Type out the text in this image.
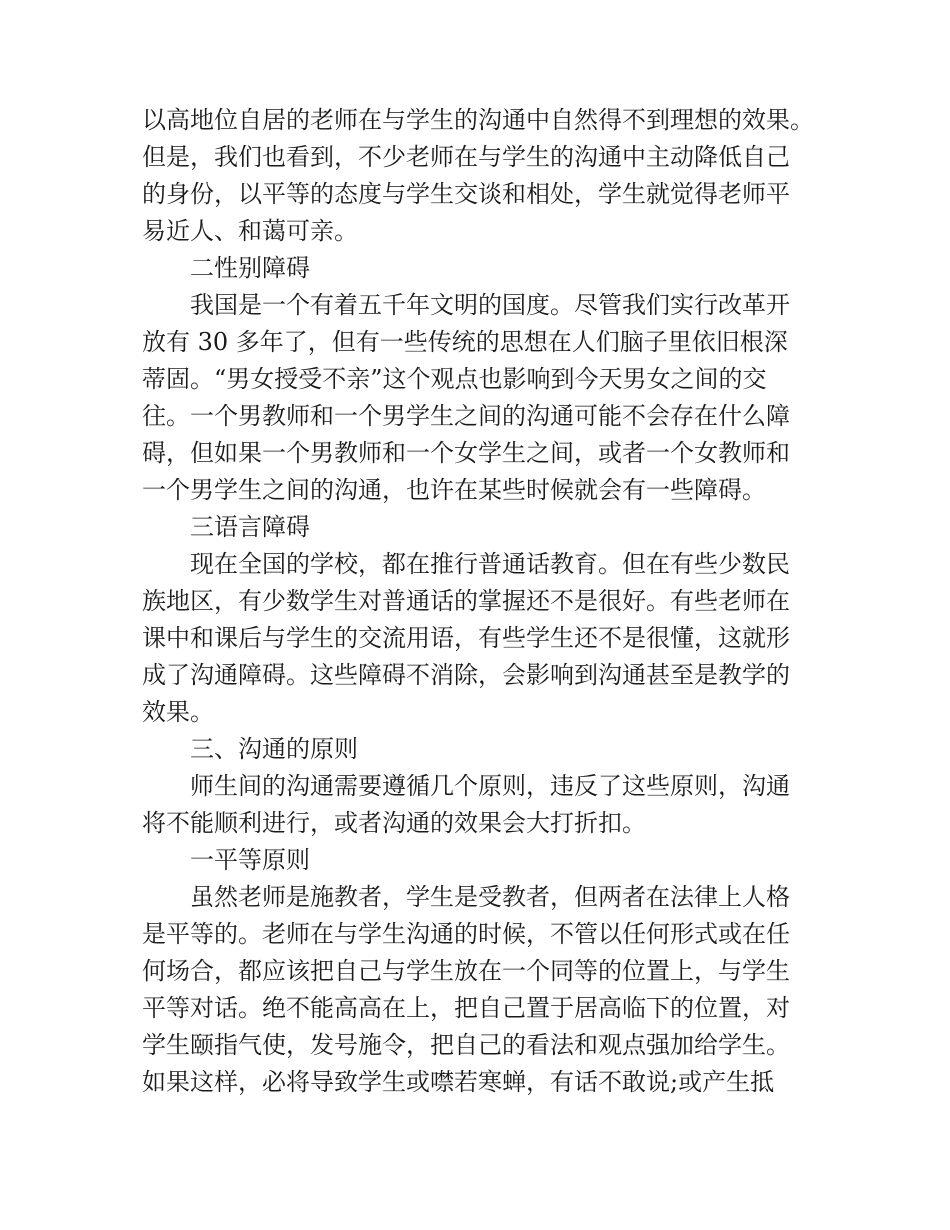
以高地位自居的老师在与学生的沟通中自然得不到理想的效果。
但是，我们也看到，不少老师在与学生的沟通中主动降低自己
的身份，以平等的态度与学生交谈和相处，学生就觉得老师平
易近人、和蔼可亲。
二性别障碍
我国是一个有着五千年文明的国度。尽管我们实行改革开
放有 30 多年了，但有一些传统的思想在人们脑子里依旧根深
蒂固。“男女授受不亲”这个观点也影响到今天男女之间的交
往。一个男教师和一个男学生之间的沟通可能不会存在什么障
碍，但如果一个男教师和一个女学生之间，或者一个女教师和
一个男学生之间的沟通，也许在某些时候就会有一些障碍。
三语言障碍
现在全国的学校，都在推行普通话教育。但在有些少数民
族地区，有少数学生对普通话的掌握还不是很好。有些老师在
课中和课后与学生的交流用语，有些学生还不是很懂，这就形
成了沟通障碍。这些障碍不消除，会影响到沟通甚至是教学的
效果。
三、沟通的原则
师生间的沟通需要遵循几个原则，违反了这些原则，沟通
将不能顺利进行，或者沟通的效果会大打折扣。
一平等原则
虽然老师是施教者，学生是受教者，但两者在法律上人格
是平等的。老师在与学生沟通的时候，不管以任何形式或在任
何场合，都应该把自己与学生放在一个同等的位置上，与学生
平等对话。绝不能高高在上，把自己置于居高临下的位置，对
学生颐指气使，发号施令，把自己的看法和观点强加给学生。
如果这样，必将导致学生或噤若寒蝉，有话不敢说;或产生抵
